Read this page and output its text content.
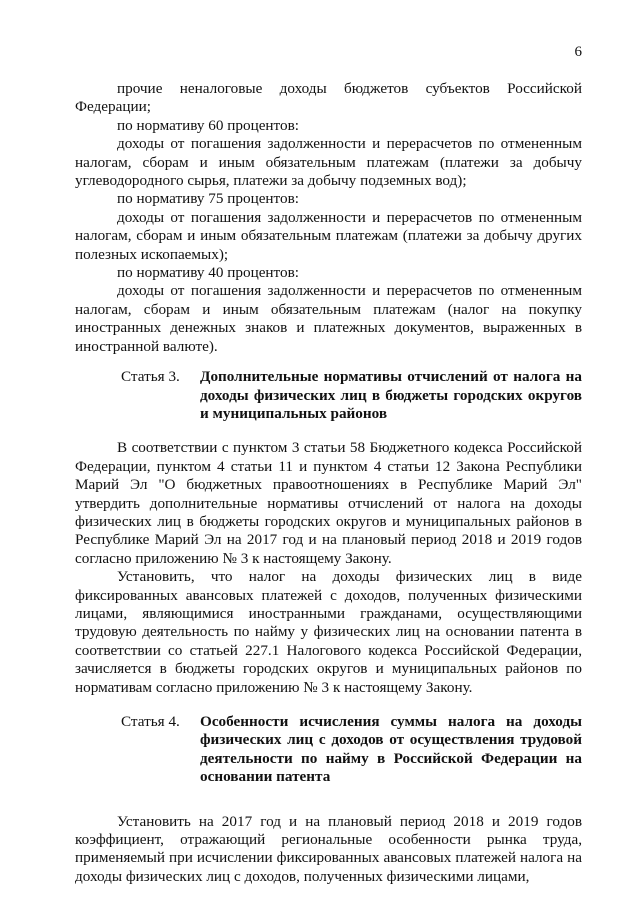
6

прочие неналоговые доходы бюджетов субъектов Российской Федерации;

по нормативу 60 процентов:

доходы от погашения задолженности и перерасчетов по отмененным налогам, сборам и иным обязательным платежам (платежи за добычу углеводородного сырья, платежи за добычу подземных вод);

по нормативу 75 процентов:

доходы от погашения задолженности и перерасчетов по отмененным налогам, сборам и иным обязательным платежам (платежи за добычу других полезных ископаемых);

по нормативу 40 процентов:

доходы от погашения задолженности и перерасчетов по отмененным налогам, сборам и иным обязательным платежам (налог на покупку иностранных денежных знаков и платежных документов, выраженных в иностранной валюте).

Статья 3.	Дополнительные нормативы отчислений от налога на доходы физических лиц в бюджеты городских округов и муниципальных районов

В соответствии с пунктом 3 статьи 58 Бюджетного кодекса Российской Федерации, пунктом 4 статьи 11 и пунктом 4 статьи 12 Закона Республики Марий Эл "О бюджетных правоотношениях в Республике Марий Эл" утвердить дополнительные нормативы отчислений от налога на доходы физических лиц в бюджеты городских округов и муниципальных районов в Республике Марий Эл на 2017 год и на плановый период 2018 и 2019 годов согласно приложению № 3 к настоящему Закону.

Установить, что налог на доходы физических лиц в виде фиксированных авансовых платежей с доходов, полученных физическими лицами, являющимися иностранными гражданами, осуществляющими трудовую деятельность по найму у физических лиц на основании патента в соответствии со статьей 227.1 Налогового кодекса Российской Федерации, зачисляется в бюджеты городских округов и муниципальных районов по нормативам согласно приложению № 3 к настоящему Закону.

Статья 4.	Особенности исчисления суммы налога на доходы физических лиц с доходов от осуществления трудовой деятельности по найму в Российской Федерации на основании патента

Установить на 2017 год и на плановый период 2018 и 2019 годов коэффициент, отражающий региональные особенности рынка труда, применяемый при исчислении фиксированных авансовых платежей налога на доходы физических лиц с доходов, полученных физическими лицами,
